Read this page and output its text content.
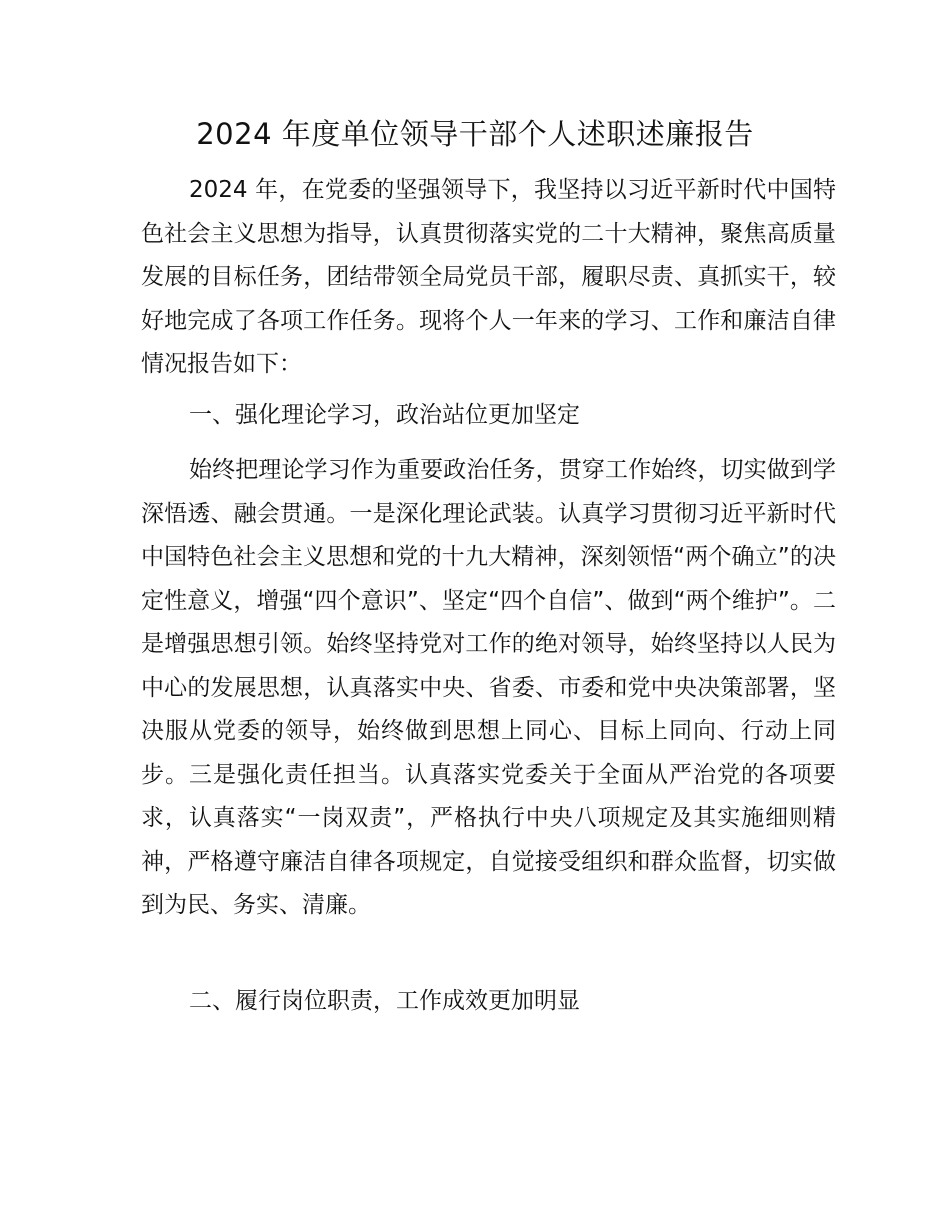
2024 年度单位领导干部个人述职述廉报告

2024 年，在党委的坚强领导下，我坚持以习近平新时代中国特色社会主义思想为指导，认真贯彻落实党的二十大精神，聚焦高质量发展的目标任务，团结带领全局党员干部，履职尽责、真抓实干，较好地完成了各项工作任务。现将个人一年来的学习、工作和廉洁自律情况报告如下：

一、强化理论学习，政治站位更加坚定

始终把理论学习作为重要政治任务，贯穿工作始终，切实做到学深悟透、融会贯通。一是深化理论武装。认真学习贯彻习近平新时代中国特色社会主义思想和党的十九大精神，深刻领悟“两个确立”的决定性意义，增强“四个意识”、坚定“四个自信”、做到“两个维护”。二是增强思想引领。始终坚持党对工作的绝对领导，始终坚持以人民为中心的发展思想，认真落实中央、省委、市委和党中央决策部署，坚决服从党委的领导，始终做到思想上同心、目标上同向、行动上同步。三是强化责任担当。认真落实党委关于全面从严治党的各项要求，认真落实“一岗双责”，严格执行中央八项规定及其实施细则精神，严格遵守廉洁自律各项规定，自觉接受组织和群众监督，切实做到为民、务实、清廉。

二、履行岗位职责，工作成效更加明显
